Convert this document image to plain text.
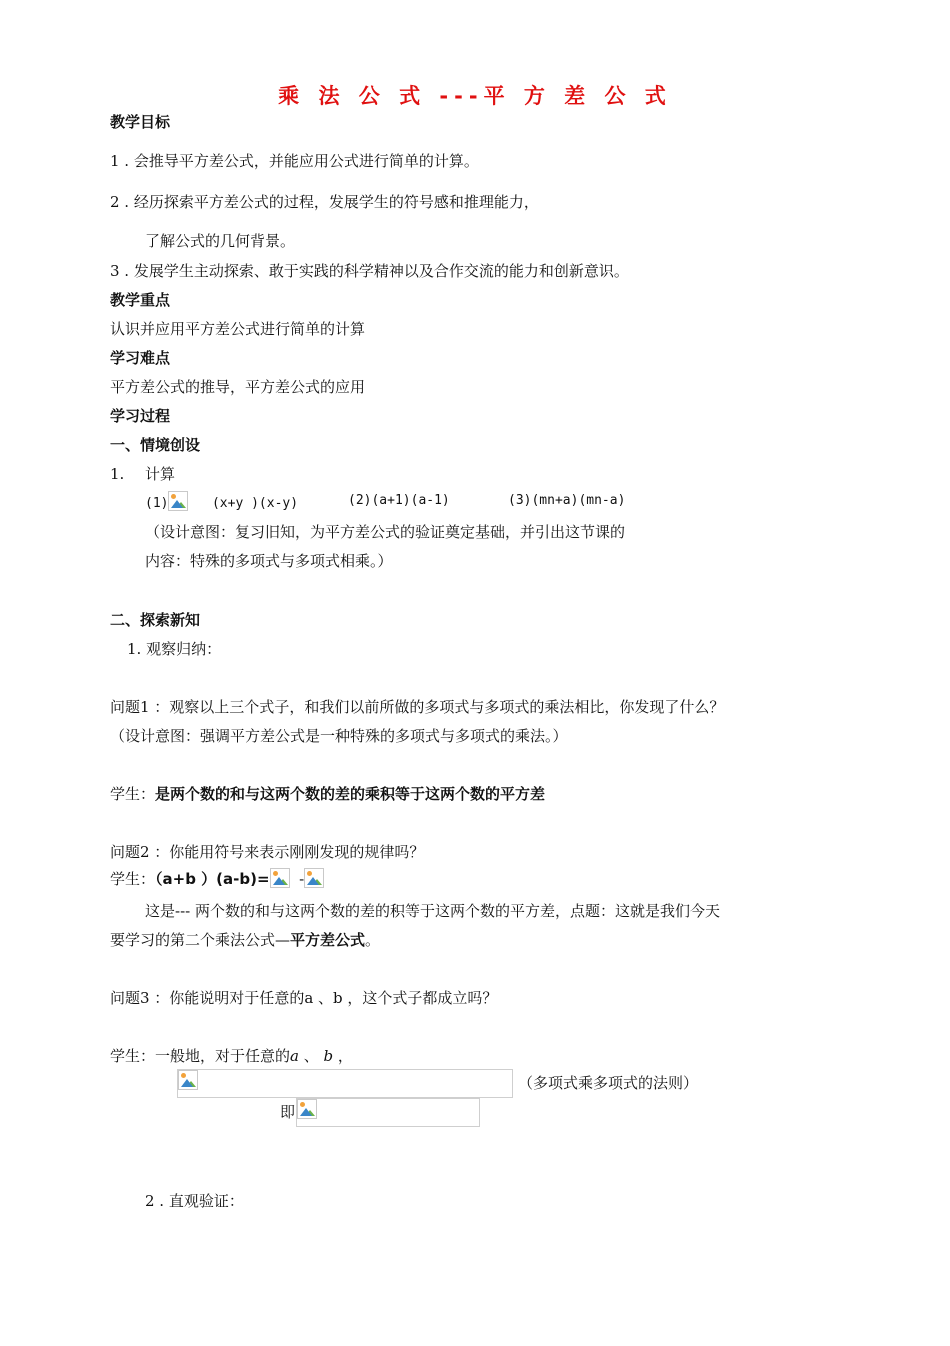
乘 法 公 式 ---平 方 差 公 式
教学目标
1 . 会推导平方差公式，并能应用公式进行简单的计算。
2 . 经历探索平方差公式的过程，发展学生的符号感和推理能力，
了解公式的几何背景。
3 . 发展学生主动探索、敢于实践的科学精神以及合作交流的能力和创新意识。
教学重点
认识并应用平方差公式进行简单的计算
学习难点
平方差公式的推导，平方差公式的应用
学习过程
一、情境创设
1. 计算
(1)	(x+y )(x-y)	(2)(a+1)(a-1)	(3)(mn+a)(mn-a)
（设计意图：复习旧知，为平方差公式的验证奠定基础，并引出这节课的
内容：特殊的多项式与多项式相乘。）
二、探索新知
1. 观察归纳：
问题1 ：观察以上三个式子，和我们以前所做的多项式与多项式的乘法相比，你发现了什么？
（设计意图：强调平方差公式是一种特殊的多项式与多项式的乘法。）
学生：是两个数的和与这两个数的差的乘积等于这两个数的平方差
问题2 ：你能用符号来表示刚刚发现的规律吗？
学生：（a+b ）(a-b)= -
这是--- 两个数的和与这两个数的差的积等于这两个数的平方差，点题：这就是我们今天
要学习的第二个乘法公式—平方差公式。
问题3 ：你能说明对于任意的a 、b ，这个式子都成立吗？
学生：一般地，对于任意的a 、 b ，
（多项式乘多项式的法则）
即
2 . 直观验证：
